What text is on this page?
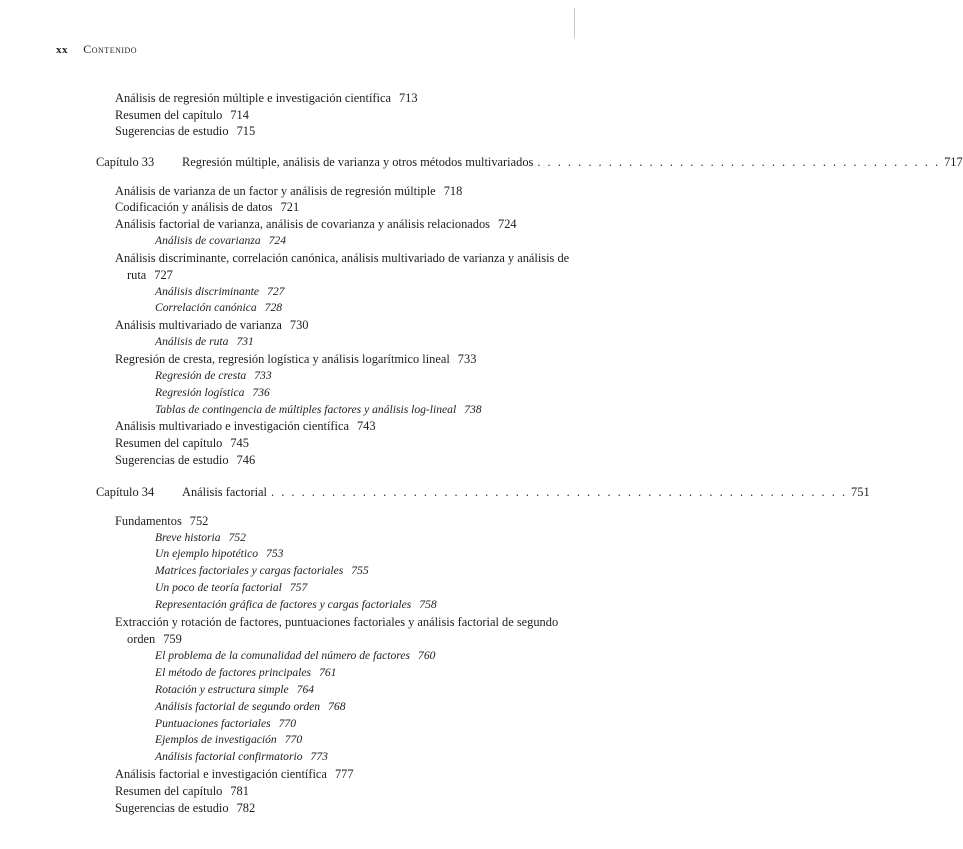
xx Contenido
Análisis de regresión múltiple e investigación científica 713
Resumen del capítulo 714
Sugerencias de estudio 715
Capítulo 33	Regresión múltiple, análisis de varianza y otros métodos multivariados . . . . . . . . . . . . . . . . . . . . . . . . . . . . . . . . . . . . . . . . 717
Análisis de varianza de un factor y análisis de regresión múltiple 718
Codificación y análisis de datos 721
Análisis factorial de varianza, análisis de covarianza y análisis relacionados 724
Análisis de covarianza 724
Análisis discriminante, correlación canónica, análisis multivariado de varianza y análisis de
ruta 727
Análisis discriminante 727
Correlación canónica 728
Análisis multivariado de varianza 730
Análisis de ruta 731
Regresión de cresta, regresión logística y análisis logarítmico lineal 733
Regresión de cresta 733
Regresión logística 736
Tablas de contingencia de múltiples factores y análisis log-lineal 738
Análisis multivariado e investigación científica 743
Resumen del capítulo 745
Sugerencias de estudio 746
Capítulo 34	Análisis factorial . . . . . . . . . . . . . . . . . . . . . . . . . . . . . . . . . . . . . . . . . . . . . . . . . . . . . . . . . 751
Fundamentos 752
Breve historia 752
Un ejemplo hipotético 753
Matrices factoriales y cargas factoriales 755
Un poco de teoría factorial 757
Representación gráfica de factores y cargas factoriales 758
Extracción y rotación de factores, puntuaciones factoriales y análisis factorial de segundo
orden 759
El problema de la comunalidad del número de factores 760
El método de factores principales 761
Rotación y estructura simple 764
Análisis factorial de segundo orden 768
Puntuaciones factoriales 770
Ejemplos de investigación 770
Análisis factorial confirmatorio 773
Análisis factorial e investigación científica 777
Resumen del capítulo 781
Sugerencias de estudio 782
